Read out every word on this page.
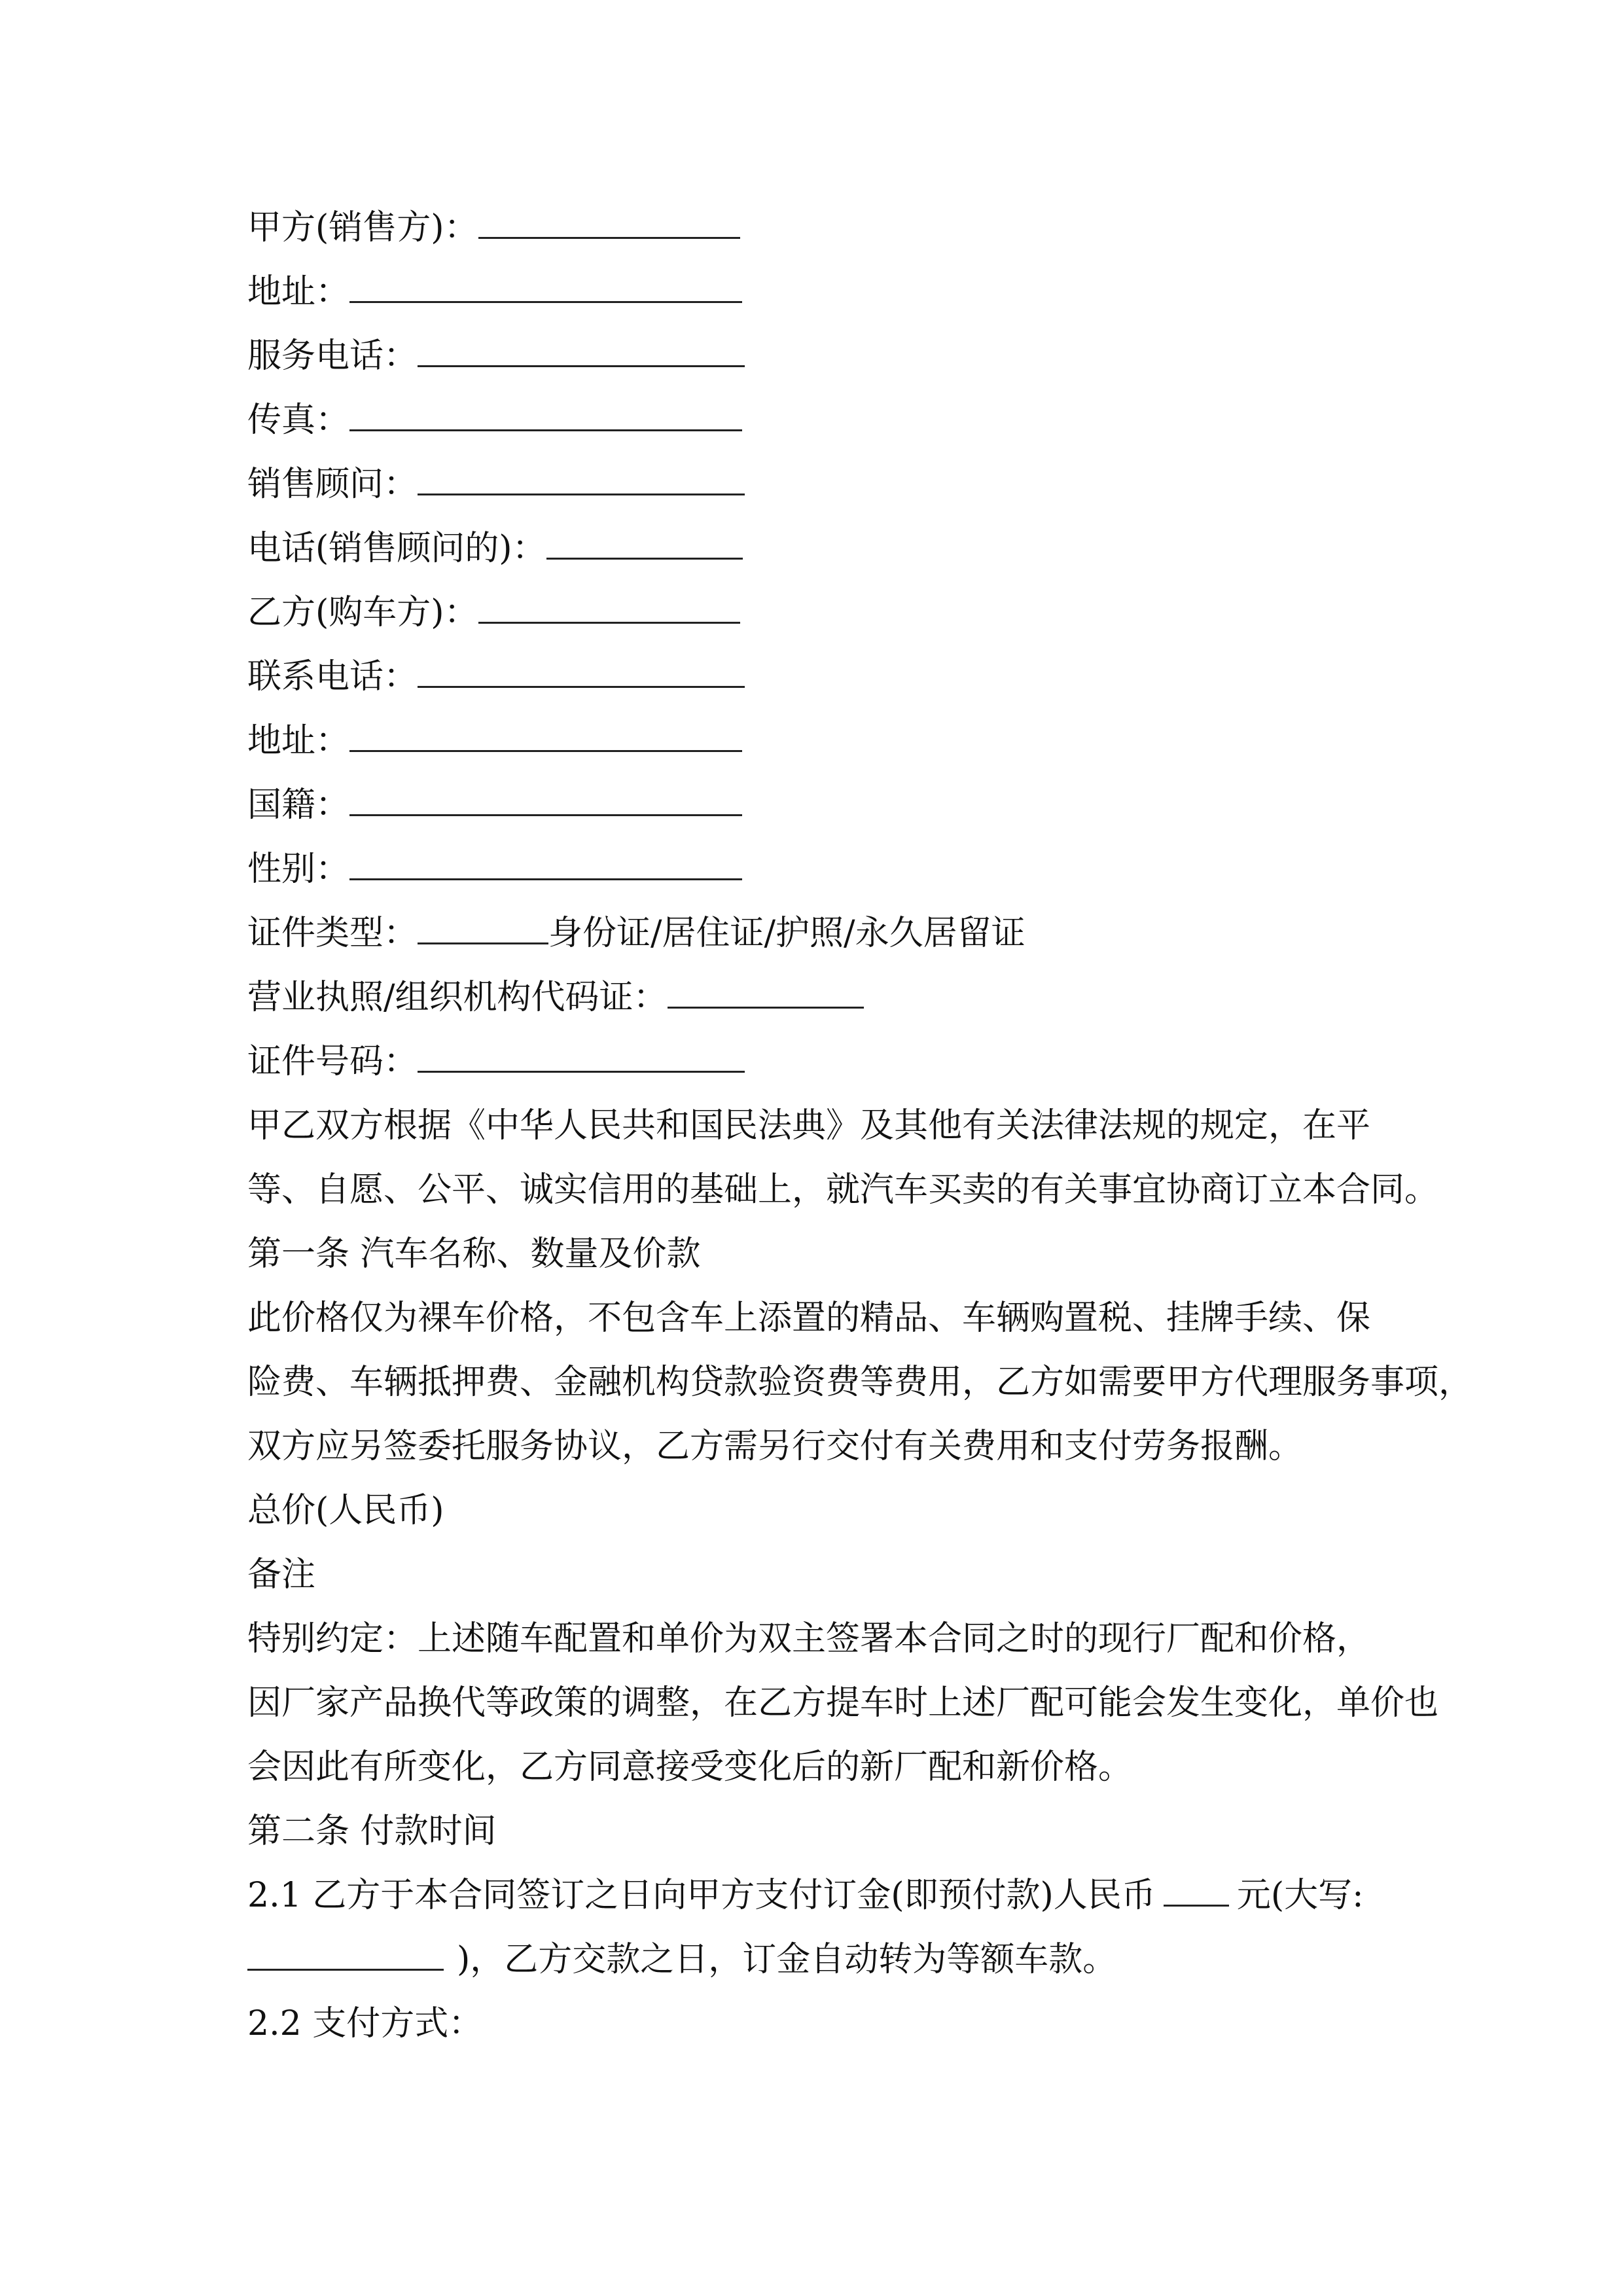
甲方(销售方)：
地址：
服务电话：
传真：
销售顾问：
电话(销售顾问的)：
乙方(购车方)：
联系电话：
地址：
国籍：
性别：
证件类型：	身份证/居住证/护照/永久居留证
营业执照/组织机构代码证：
证件号码：
甲乙双方根据《中华人民共和国民法典》及其他有关法律法规的规定，在平
等、自愿、公平、诚实信用的基础上，就汽车买卖的有关事宜协商订立本合同。
第一条 汽车名称、数量及价款
此价格仅为裸车价格，不包含车上添置的精品、车辆购置税、挂牌手续、保
险费、车辆抵押费、金融机构贷款验资费等费用，乙方如需要甲方代理服务事项，
双方应另签委托服务协议，乙方需另行交付有关费用和支付劳务报酬。
总价(人民币)
备注
特别约定：上述随车配置和单价为双主签署本合同之时的现行厂配和价格，
因厂家产品换代等政策的调整，在乙方提车时上述厂配可能会发生变化，单价也
会因此有所变化，乙方同意接受变化后的新厂配和新价格。
第二条 付款时间
2.1 乙方于本合同签订之日向甲方支付订金(即预付款)人民币 元(大写:
)，乙方交款之日，订金自动转为等额车款。
2.2 支付方式：
